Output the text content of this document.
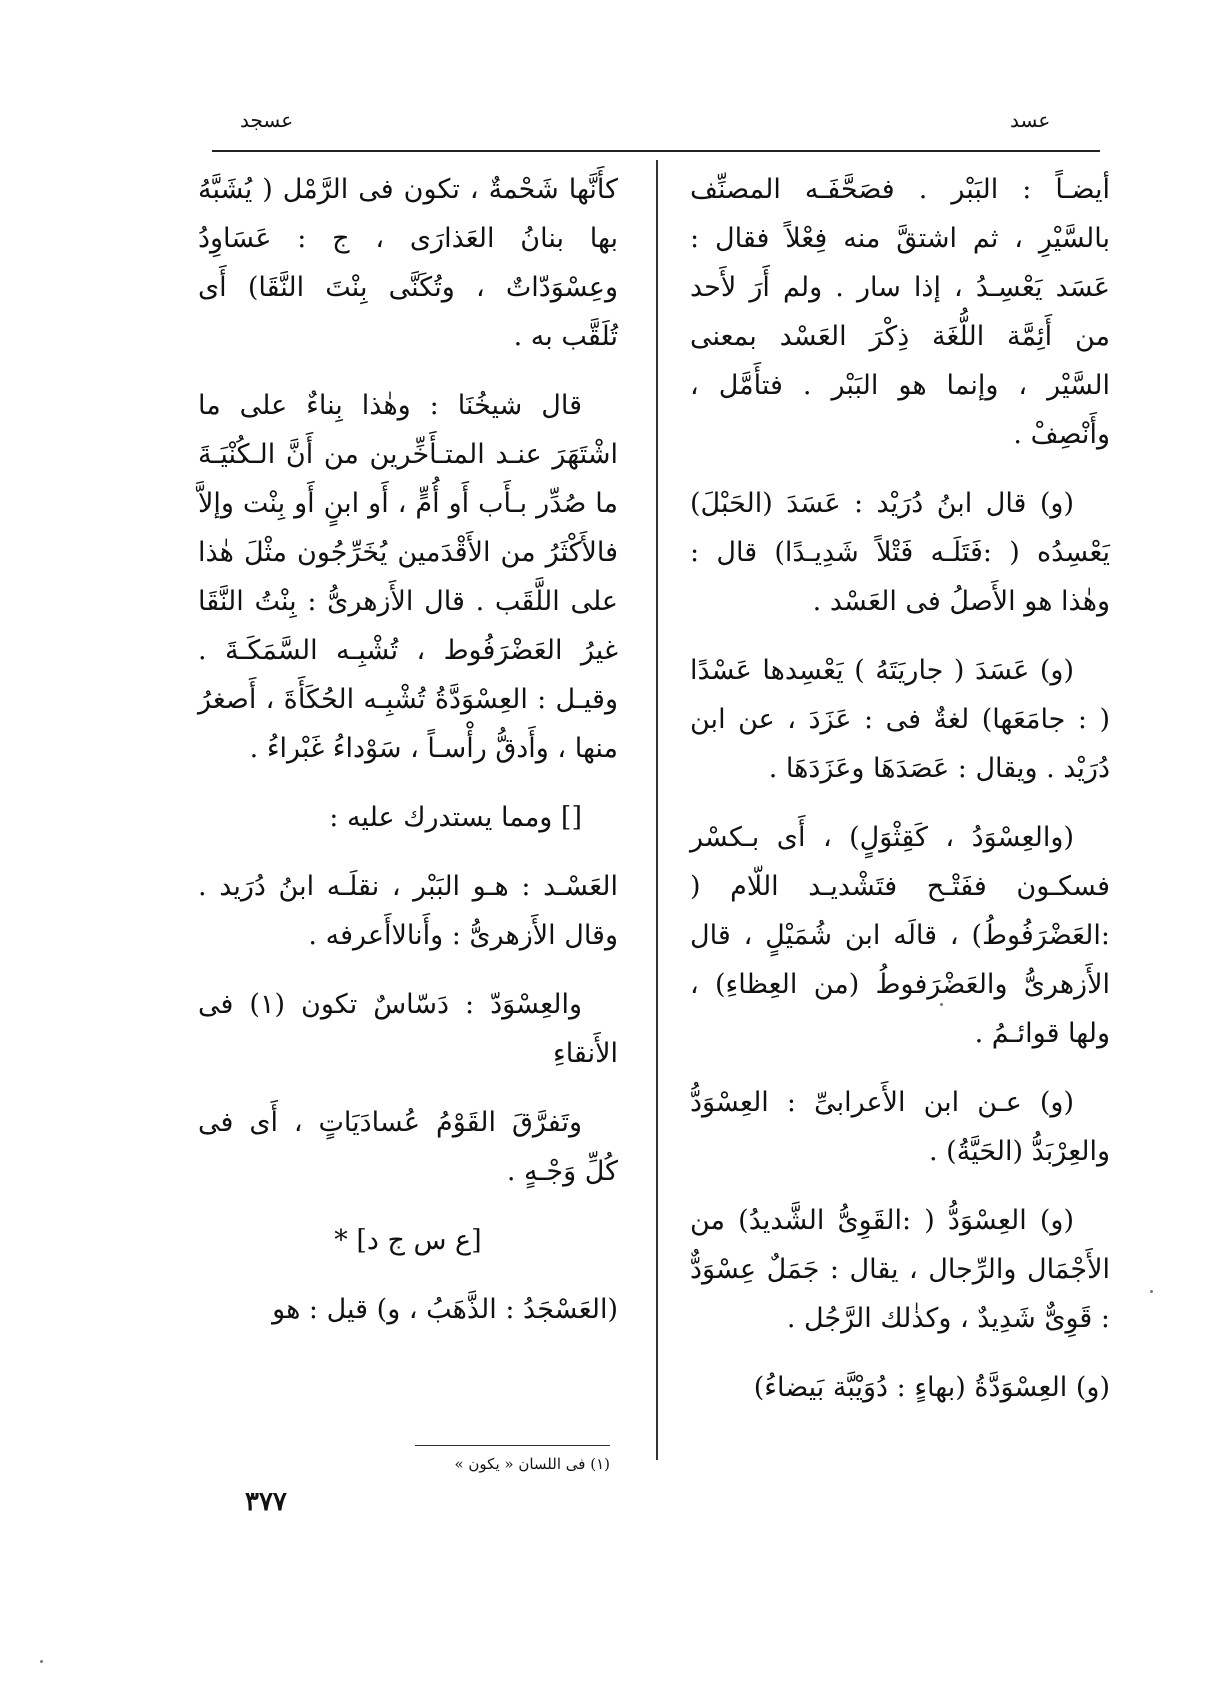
عسد
عسجد

أيضـاً : البَبْر . فصَحَّفَـه المصنِّف بالسَّيْرِ ، ثم اشتقَّ منه فِعْلاً فقال : عَسَد يَعْسِـدُ ، إذا سار . ولم أَرَ لأَحد من أَئِمَّة اللُّغَة ذِكْرَ العَسْد بمعنى السَّيْر ، وإنما هو البَبْر . فتأَمَّل ، وأَنْصِفْ .

(و) قال ابنُ دُرَيْد : عَسَدَ (الحَبْلَ) يَعْسِدُه ( :فَتَلَـه فَتْلاً شَدِيـدًا) قال : وهٰذا هو الأَصلُ فى العَسْد .

(و) عَسَدَ ( جاريَتَهُ ) يَعْسِدها عَسْدًا ( : جامَعَها) لغةٌ فى : عَزَدَ ، عن ابن دُرَيْد . ويقال : عَصَدَهَا وعَزَدَهَا .

(والعِسْوَدُ ، كَقِثْوَلٍ) ، أَى بـكسْر فسكـون ففَتْـح فتَشْديـد اللّام ( :العَضْرَفُوطُ) ، قالَه ابن شُمَيْلٍ ، قال الأَزهرىُّ والعَضْرَفوطُ (من العِظاءِ) ، ولها قوائـمُ .

(و) عـن ابن الأَعرابىِّ : العِسْوَدُّ والعِرْبَدُّ (الحَيَّةُ) .

(و) العِسْوَدُّ ( :القَوِىُّ الشَّديدُ) من الأَجْمَال والرِّجال ، يقال : جَمَلٌ عِسْوَدٌّ : قَوِىٌّ شَدِيدٌ ، وكذٰلك الرَّجُل .

(و) العِسْوَدَّةُ (بهاءٍ : دُوَيْبَّة بَيضاءُ)

كأَنَّها شَحْمةٌ ، تكون فى الرَّمْل ( يُشَبَّهُ بها بنانُ العَذارَى ، ج : عَسَاوِدُ وعِسْوَدّاتٌ ، وتُكَنَّى بِنْتَ النَّقَا) أَى تُلَقَّب به .

قال شيخُنَا : وهٰذا بِناءٌ على ما اشْتَهَرَ عنـد المتـأَخِّرين من أَنَّ الـكُنْيَـةَ ما صُدِّر بـأَب أَو أُمٍّ ، أَو ابنٍ أَو بِنْت وإلاَّ فالأَكْثَرُ من الأَقْدَمين يُخَرِّجُون مثْلَ هٰذا على اللَّقَب . قال الأَزهرىُّ : بِنْتُ النَّقَا غيرُ العَضْرَفُوط ، تُشْبِـه السَّمَكَـةَ . وقيـل : العِسْوَدَّةُ تُشْبِـه الحُكَأَةَ ، أَصغرُ منها ، وأَدقُّ رأْسـاً ، سَوْداءُ غَبْراءُ .

[] ومما يستدرك عليه :

العَسْـد : هـو البَبْر ، نقلَـه ابنُ دُرَيد . وقال الأَزهرىُّ : وأَنالاأَعرفه .

والعِسْوَدّ : دَسّاسٌ تكون (١) فى الأَنقاءِ

وتَفرَّقَ القَوْمُ عُسادَيَاتٍ ، أَى فى كُلِّ وَجْـهٍ .

[ع س ج د] *

(العَسْجَدُ : الذَّهَبُ ، و) قيل : هو

(١) فى اللسان « يكون »
٣٧٧
